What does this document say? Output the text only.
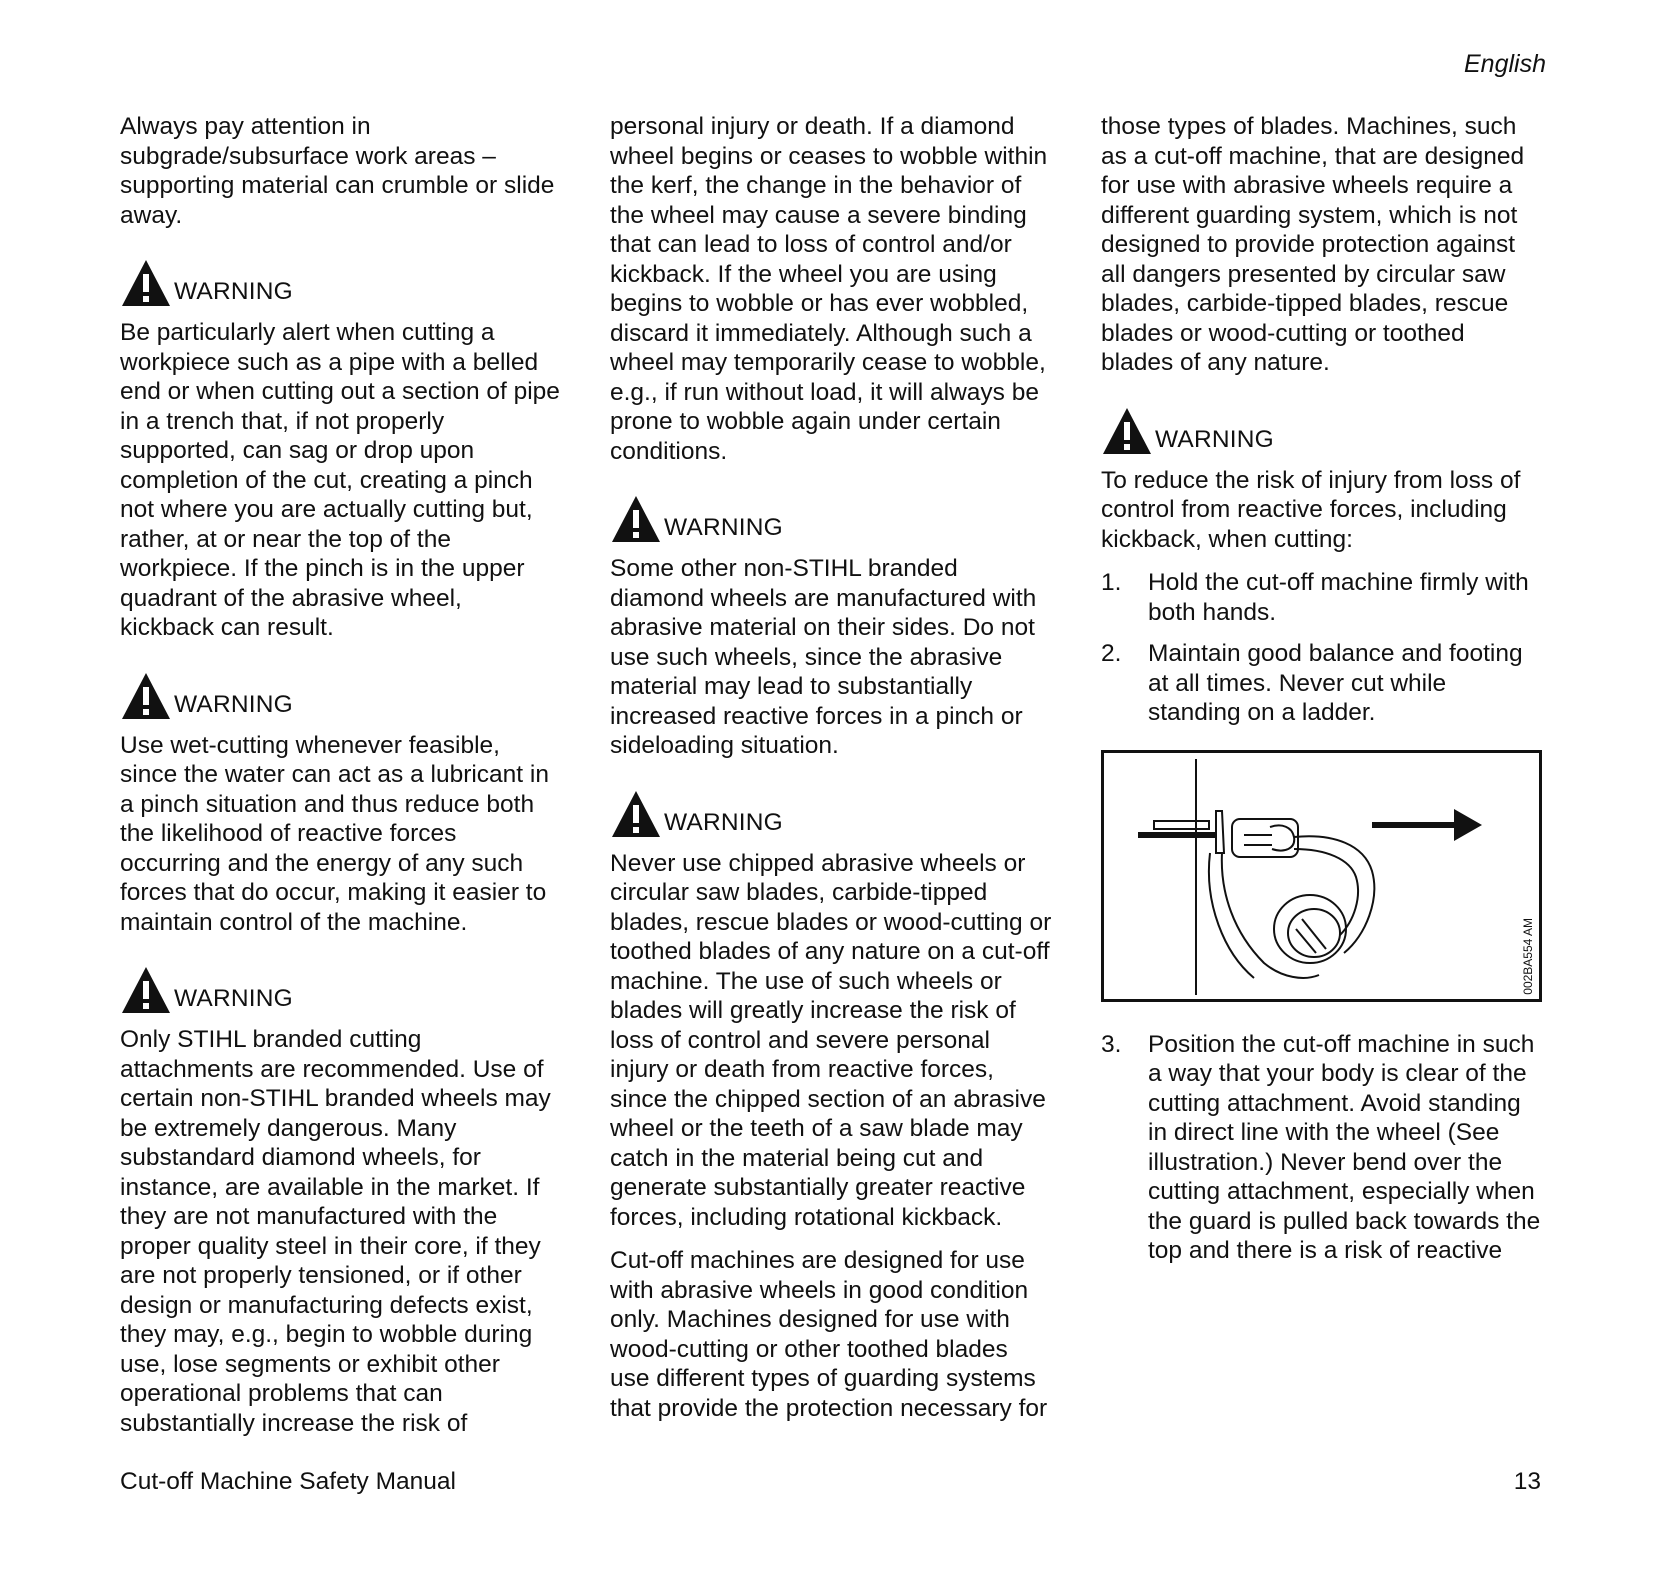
English
Always pay attention in
subgrade/subsurface work areas –
supporting material can crumble or slide
away.
WARNING
Be particularly alert when cutting a
workpiece such as a pipe with a belled
end or when cutting out a section of pipe
in a trench that, if not properly
supported, can sag or drop upon
completion of the cut, creating a pinch
not where you are actually cutting but,
rather, at or near the top of the
workpiece. If the pinch is in the upper
quadrant of the abrasive wheel,
kickback can result.
WARNING
Use wet-cutting whenever feasible,
since the water can act as a lubricant in
a pinch situation and thus reduce both
the likelihood of reactive forces
occurring and the energy of any such
forces that do occur, making it easier to
maintain control of the machine.
WARNING
Only STIHL branded cutting
attachments are recommended. Use of
certain non-STIHL branded wheels may
be extremely dangerous. Many
substandard diamond wheels, for
instance, are available in the market. If
they are not manufactured with the
proper quality steel in their core, if they
are not properly tensioned, or if other
design or manufacturing defects exist,
they may, e.g., begin to wobble during
use, lose segments or exhibit other
operational problems that can
substantially increase the risk of
personal injury or death. If a diamond
wheel begins or ceases to wobble within
the kerf, the change in the behavior of
the wheel may cause a severe binding
that can lead to loss of control and/or
kickback. If the wheel you are using
begins to wobble or has ever wobbled,
discard it immediately. Although such a
wheel may temporarily cease to wobble,
e.g., if run without load, it will always be
prone to wobble again under certain
conditions.
WARNING
Some other non-STIHL branded
diamond wheels are manufactured with
abrasive material on their sides. Do not
use such wheels, since the abrasive
material may lead to substantially
increased reactive forces in a pinch or
sideloading situation.
WARNING
Never use chipped abrasive wheels or
circular saw blades, carbide-tipped
blades, rescue blades or wood-cutting or
toothed blades of any nature on a cut-off
machine. The use of such wheels or
blades will greatly increase the risk of
loss of control and severe personal
injury or death from reactive forces,
since the chipped section of an abrasive
wheel or the teeth of a saw blade may
catch in the material being cut and
generate substantially greater reactive
forces, including rotational kickback.
Cut-off machines are designed for use
with abrasive wheels in good condition
only. Machines designed for use with
wood-cutting or other toothed blades
use different types of guarding systems
that provide the protection necessary for
those types of blades. Machines, such
as a cut-off machine, that are designed
for use with abrasive wheels require a
different guarding system, which is not
designed to provide protection against
all dangers presented by circular saw
blades, carbide-tipped blades, rescue
blades or wood-cutting or toothed
blades of any nature.
WARNING
To reduce the risk of injury from loss of
control from reactive forces, including
kickback, when cutting:
1.	Hold the cut-off machine firmly with
both hands.
2.	Maintain good balance and footing
at all times. Never cut while
standing on a ladder.
002BA554 AM
3.	Position the cut-off machine in such
a way that your body is clear of the
cutting attachment. Avoid standing
in direct line with the wheel (See
illustration.) Never bend over the
cutting attachment, especially when
the guard is pulled back towards the
top and there is a risk of reactive
Cut-off Machine Safety Manual	13
